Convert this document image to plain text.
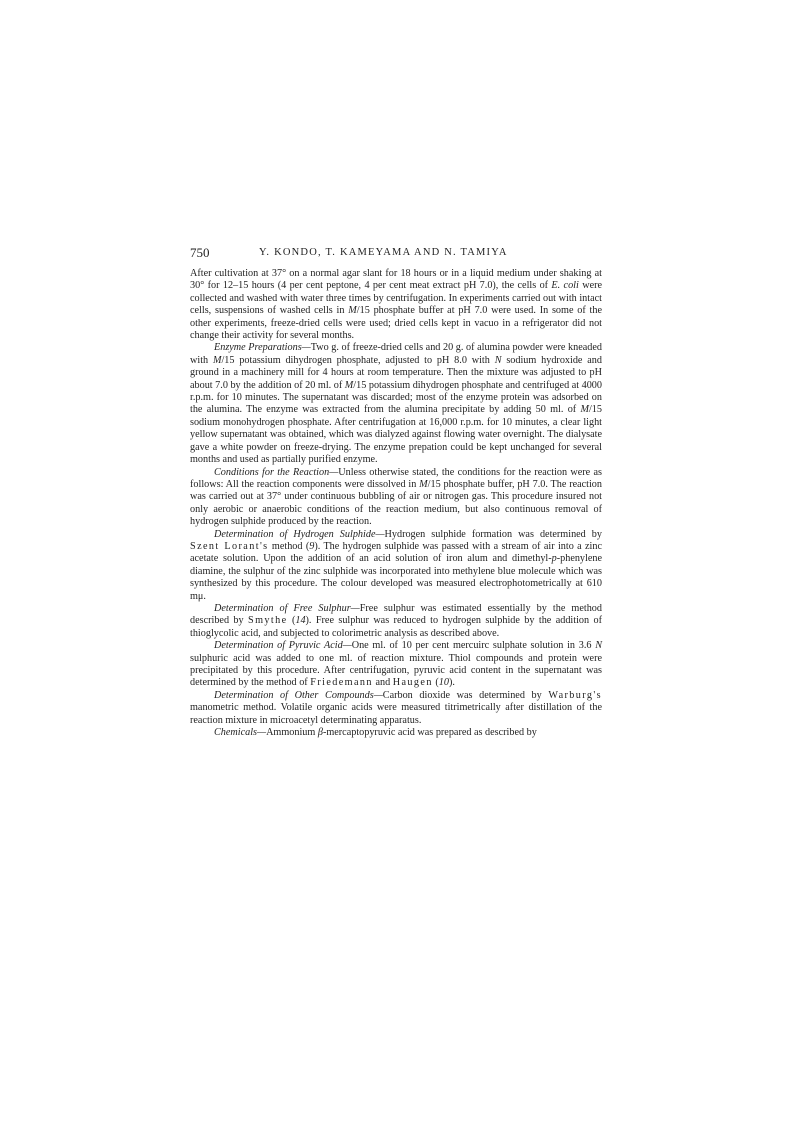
750	Y. KONDO, T. KAMEYAMA AND N. TAMIYA

After cultivation at 37° on a normal agar slant for 18 hours or in a liquid medium under shaking at 30° for 12–15 hours (4 per cent peptone, 4 per cent meat extract pH 7.0), the cells of E. coli were collected and washed with water three times by centrifugation. In experiments carried out with intact cells, suspensions of washed cells in M/15 phosphate buffer at pH 7.0 were used. In some of the other experiments, freeze-dried cells were used; dried cells kept in vacuo in a refrigerator did not change their activity for several months.

Enzyme Preparations—Two g. of freeze-dried cells and 20 g. of alumina powder were kneaded with M/15 potassium dihydrogen phosphate, adjusted to pH 8.0 with N sodium hydroxide and ground in a machinery mill for 4 hours at room temperature. Then the mixture was adjusted to pH about 7.0 by the addition of 20 ml. of M/15 potassium dihydrogen phosphate and centrifuged at 4000 r.p.m. for 10 minutes. The supernatant was discarded; most of the enzyme protein was adsorbed on the alumina. The enzyme was extracted from the alumina precipitate by adding 50 ml. of M/15 sodium monohydrogen phosphate. After centrifugation at 16,000 r.p.m. for 10 minutes, a clear light yellow supernatant was obtained, which was dialyzed against flowing water overnight. The dialysate gave a white powder on freeze-drying. The enzyme prepation could be kept unchanged for several months and used as partially purified enzyme.

Conditions for the Reaction—Unless otherwise stated, the conditions for the reaction were as follows: All the reaction components were dissolved in M/15 phosphate buffer, pH 7.0. The reaction was carried out at 37° under continuous bubbling of air or nitrogen gas. This procedure insured not only aerobic or anaerobic conditions of the reaction medium, but also continuous removal of hydrogen sulphide produced by the reaction.

Determination of Hydrogen Sulphide—Hydrogen sulphide formation was determined by Szent Lorant's method (9). The hydrogen sulphide was passed with a stream of air into a zinc acetate solution. Upon the addition of an acid solution of iron alum and dimethyl-p-phenylene diamine, the sulphur of the zinc sulphide was incorporated into methylene blue molecule which was synthesized by this procedure. The colour developed was measured electrophotometrically at 610 mμ.

Determination of Free Sulphur—Free sulphur was estimated essentially by the method described by Smythe (14). Free sulphur was reduced to hydrogen sulphide by the addition of thioglycolic acid, and subjected to colorimetric analysis as described above.

Determination of Pyruvic Acid—One ml. of 10 per cent mercuirc sulphate solution in 3.6 N sulphuric acid was added to one ml. of reaction mixture. Thiol compounds and protein were precipitated by this procedure. After centrifugation, pyruvic acid content in the supernatant was determined by the method of Friedemann and Haugen (10).

Determination of Other Compounds—Carbon dioxide was determined by Warburg's manometric method. Volatile organic acids were measured titrimetrically after distillation of the reaction mixture in microacetyl determinating apparatus.

Chemicals—Ammonium β-mercaptopyruvic acid was prepared as described by
